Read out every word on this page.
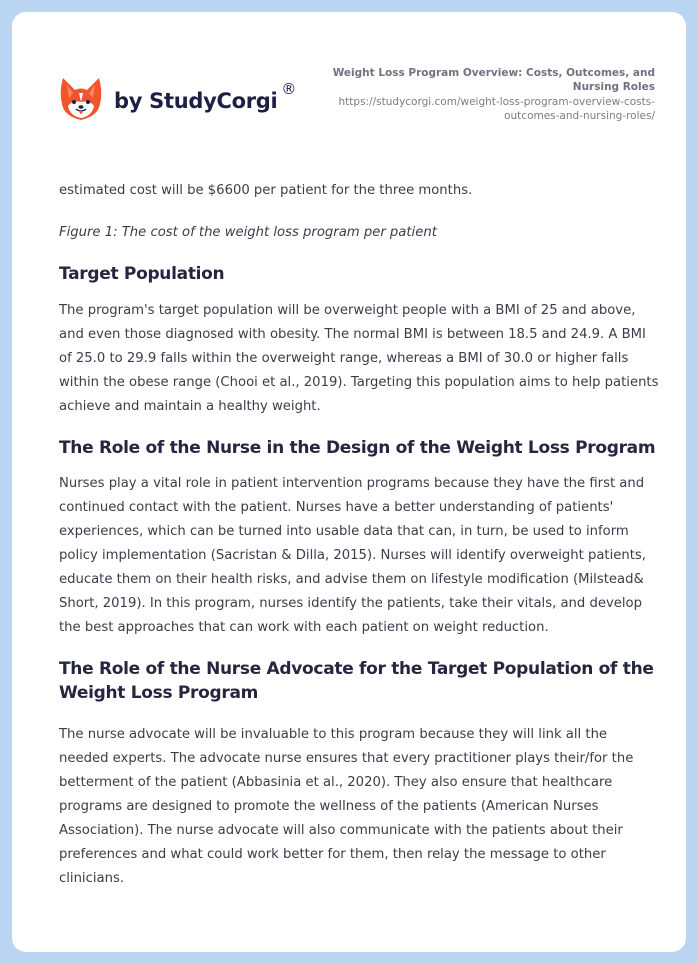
by StudyCorgi ®
Weight Loss Program Overview: Costs, Outcomes, and Nursing Roles
https://studycorgi.com/weight-loss-program-overview-costs-outcomes-and-nursing-roles/

estimated cost will be $6600 per patient for the three months.

Figure 1: The cost of the weight loss program per patient

Target Population

The program's target population will be overweight people with a BMI of 25 and above, and even those diagnosed with obesity. The normal BMI is between 18.5 and 24.9. A BMI of 25.0 to 29.9 falls within the overweight range, whereas a BMI of 30.0 or higher falls within the obese range (Chooi et al., 2019). Targeting this population aims to help patients achieve and maintain a healthy weight.

The Role of the Nurse in the Design of the Weight Loss Program

Nurses play a vital role in patient intervention programs because they have the first and continued contact with the patient. Nurses have a better understanding of patients' experiences, which can be turned into usable data that can, in turn, be used to inform policy implementation (Sacristan & Dilla, 2015). Nurses will identify overweight patients, educate them on their health risks, and advise them on lifestyle modification (Milstead& Short, 2019). In this program, nurses identify the patients, take their vitals, and develop the best approaches that can work with each patient on weight reduction.

The Role of the Nurse Advocate for the Target Population of the Weight Loss Program

The nurse advocate will be invaluable to this program because they will link all the needed experts. The advocate nurse ensures that every practitioner plays their/for the betterment of the patient (Abbasinia et al., 2020). They also ensure that healthcare programs are designed to promote the wellness of the patients (American Nurses Association). The nurse advocate will also communicate with the patients about their preferences and what could work better for them, then relay the message to other clinicians.
